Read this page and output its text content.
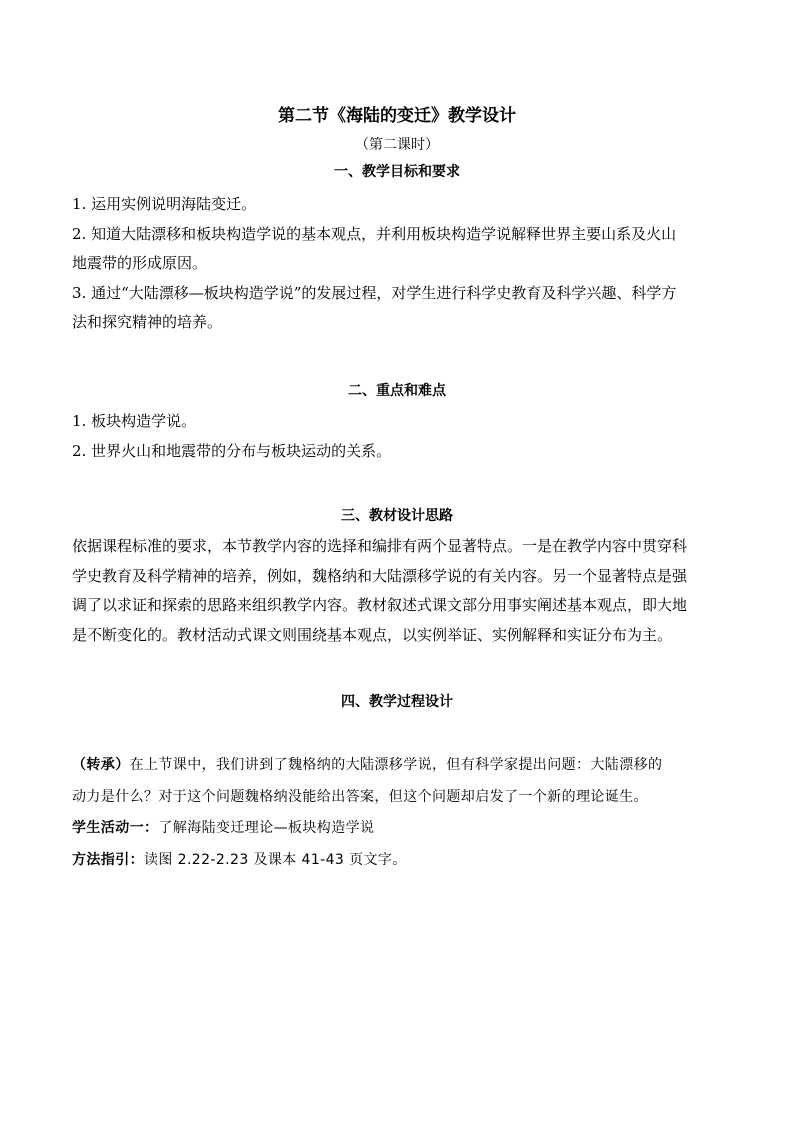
第二节《海陆的变迁》教学设计
（第二课时）
一、教学目标和要求

1. 运用实例说明海陆变迁。

2. 知道大陆漂移和板块构造学说的基本观点，并利用板块构造学说解释世界主要山系及火山

地震带的形成原因。

3. 通过“大陆漂移—板块构造学说”的发展过程，对学生进行科学史教育及科学兴趣、科学方

法和探究精神的培养。

二、重点和难点

1. 板块构造学说。

2. 世界火山和地震带的分布与板块运动的关系。

三、教材设计思路

依据课程标准的要求，本节教学内容的选择和编排有两个显著特点。一是在教学内容中贯穿科

学史教育及科学精神的培养，例如，魏格纳和大陆漂移学说的有关内容。另一个显著特点是强

调了以求证和探索的思路来组织教学内容。教材叙述式课文部分用事实阐述基本观点，即大地

是不断变化的。教材活动式课文则围绕基本观点，以实例举证、实例解释和实证分布为主。

四、教学过程设计

（转承）在上节课中，我们讲到了魏格纳的大陆漂移学说，但有科学家提出问题：大陆漂移的

动力是什么？对于这个问题魏格纳没能给出答案，但这个问题却启发了一个新的理论诞生。

学生活动一：了解海陆变迁理论—板块构造学说

方法指引：读图 2.22-2.23 及课本 41-43 页文字。
